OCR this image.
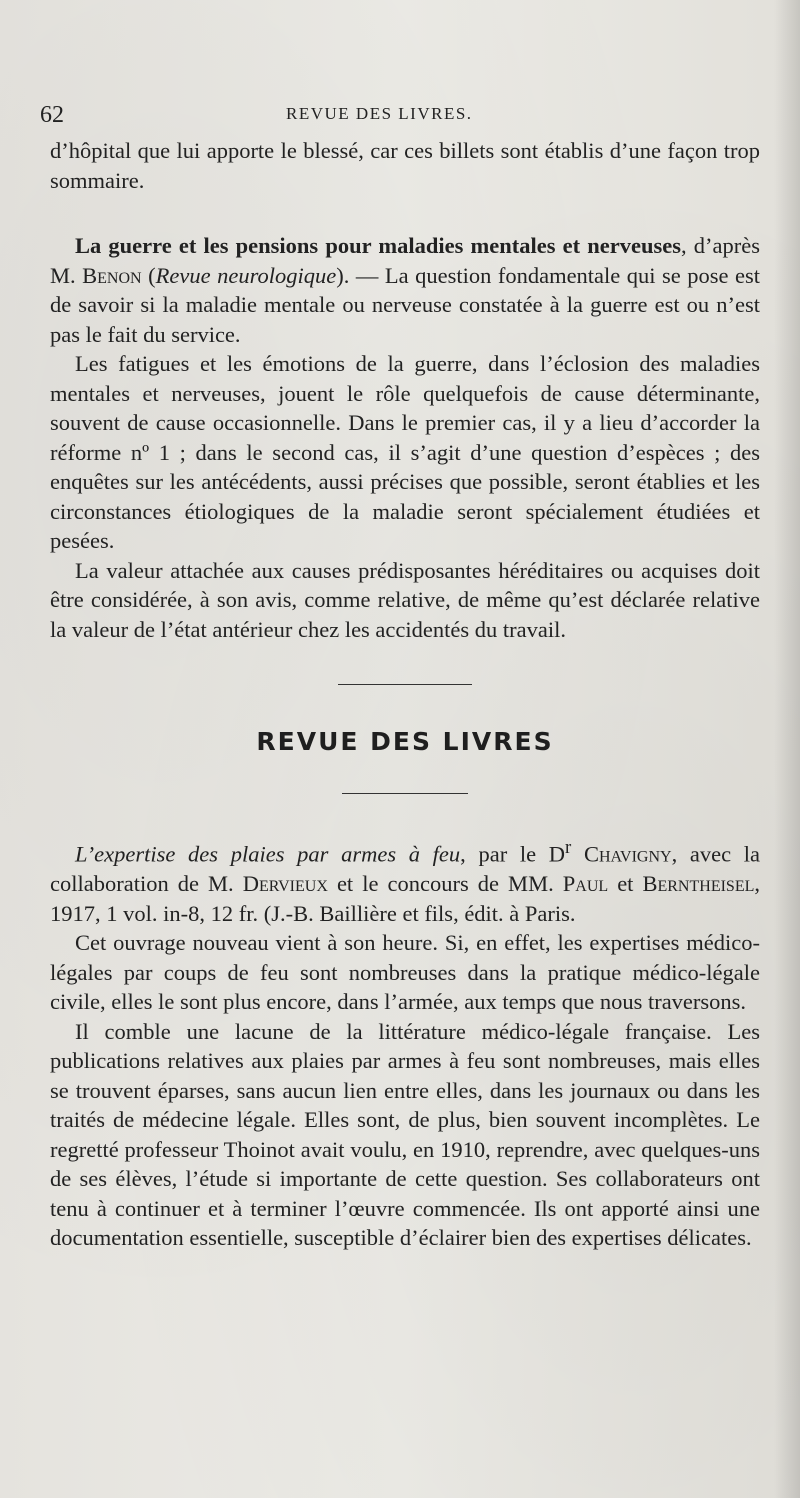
62	REVUE DES LIVRES.

d’hôpital que lui apporte le blessé, car ces billets sont établis d’une façon trop sommaire.

La guerre et les pensions pour maladies mentales et nerveuses, d’après M. Benon (Revue neurologique). — La question fondamentale qui se pose est de savoir si la maladie mentale ou nerveuse constatée à la guerre est ou n’est pas le fait du service.

Les fatigues et les émotions de la guerre, dans l’éclosion des maladies mentales et nerveuses, jouent le rôle quelquefois de cause déterminante, souvent de cause occasionnelle. Dans le premier cas, il y a lieu d’accorder la réforme nº 1 ; dans le second cas, il s’agit d’une question d’espèces ; des enquêtes sur les antécédents, aussi précises que possible, seront établies et les circonstances étiologiques de la maladie seront spécialement étudiées et pesées.

La valeur attachée aux causes prédisposantes héréditaires ou acquises doit être considérée, à son avis, comme relative, de même qu’est déclarée relative la valeur de l’état antérieur chez les accidentés du travail.

REVUE DES LIVRES

L’expertise des plaies par armes à feu, par le $D^r$ Chavigny, avec la collaboration de M. Dervieux et le concours de MM. Paul et Berntheisel, 1917, 1 vol. in-8, 12 fr. (J.-B. Baillière et fils, édit. à Paris.

Cet ouvrage nouveau vient à son heure. Si, en effet, les expertises médico-légales par coups de feu sont nombreuses dans la pratique médico-légale civile, elles le sont plus encore, dans l’armée, aux temps que nous traversons.

Il comble une lacune de la littérature médico-légale française. Les publications relatives aux plaies par armes à feu sont nombreuses, mais elles se trouvent éparses, sans aucun lien entre elles, dans les journaux ou dans les traités de médecine légale. Elles sont, de plus, bien souvent incomplètes. Le regretté professeur Thoinot avait voulu, en 1910, reprendre, avec quelques-uns de ses élèves, l’étude si importante de cette question. Ses collaborateurs ont tenu à continuer et à terminer l’œuvre commencée. Ils ont apporté ainsi une documentation essentielle, susceptible d’éclairer bien des expertises délicates.
